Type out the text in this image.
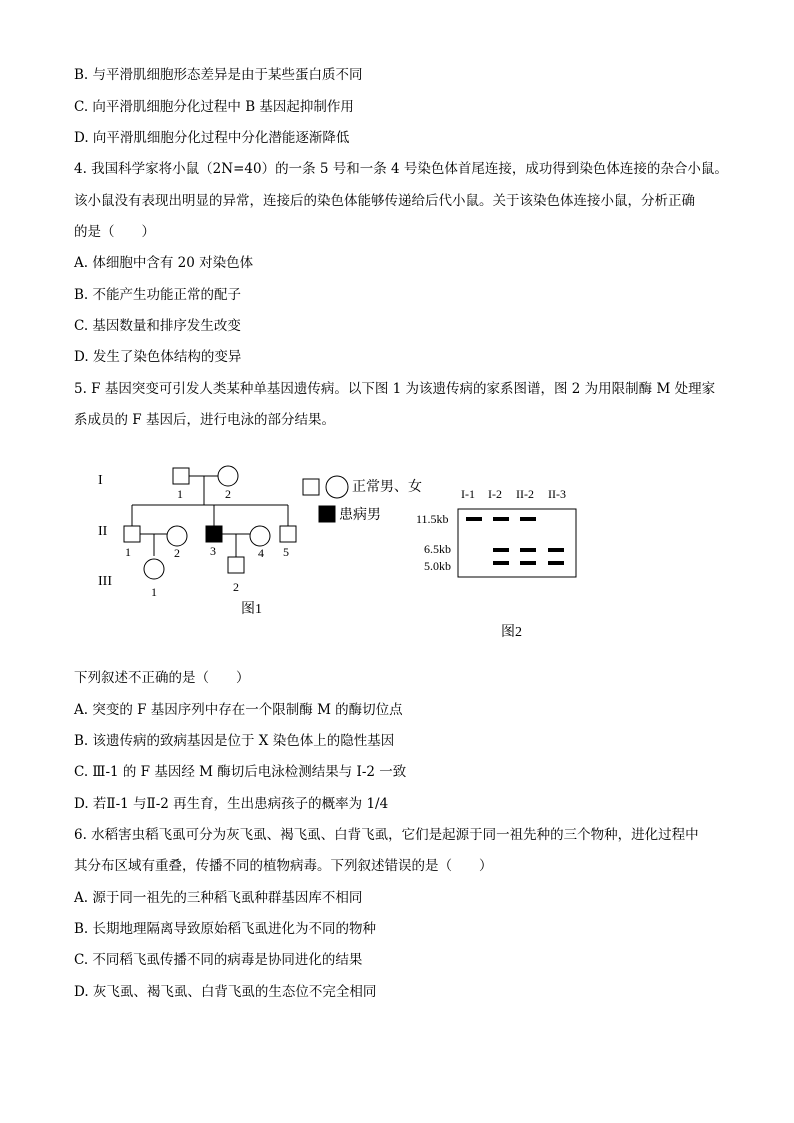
B. 与平滑肌细胞形态差异是由于某些蛋白质不同
C. 向平滑肌细胞分化过程中 B 基因起抑制作用
D. 向平滑肌细胞分化过程中分化潜能逐渐降低
4. 我国科学家将小鼠（2N=40）的一条 5 号和一条 4 号染色体首尾连接，成功得到染色体连接的杂合小鼠。
该小鼠没有表现出明显的异常，连接后的染色体能够传递给后代小鼠。关于该染色体连接小鼠，分析正确
的是（　　）
A. 体细胞中含有 20 对染色体
B. 不能产生功能正常的配子
C. 基因数量和排序发生改变
D. 发生了染色体结构的变异
5. F 基因突变可引发人类某种单基因遗传病。以下图 1 为该遗传病的家系图谱，图 2 为用限制酶 M 处理家
系成员的 F 基因后，进行电泳的部分结果。
I
II
III
1	2
1	2	3	4 5
1	2
正常男、女
患病男
图1
I-1 I-2 II-2 II-3
11.5kb
6.5kb
5.0kb
图2
下列叙述不正确的是（　　）
A. 突变的 F 基因序列中存在一个限制酶 M 的酶切位点
B. 该遗传病的致病基因是位于 X 染色体上的隐性基因
C. Ⅲ-1 的 F 基因经 M 酶切后电泳检测结果与 I-2 一致
D. 若Ⅱ-1 与Ⅱ-2 再生育，生出患病孩子的概率为 1/4
6. 水稻害虫稻飞虱可分为灰飞虱、褐飞虱、白背飞虱，它们是起源于同一祖先种的三个物种，进化过程中
其分布区域有重叠，传播不同的植物病毒。下列叙述错误的是（　　）
A. 源于同一祖先的三种稻飞虱种群基因库不相同
B. 长期地理隔离导致原始稻飞虱进化为不同的物种
C. 不同稻飞虱传播不同的病毒是协同进化的结果
D. 灰飞虱、褐飞虱、白背飞虱的生态位不完全相同
